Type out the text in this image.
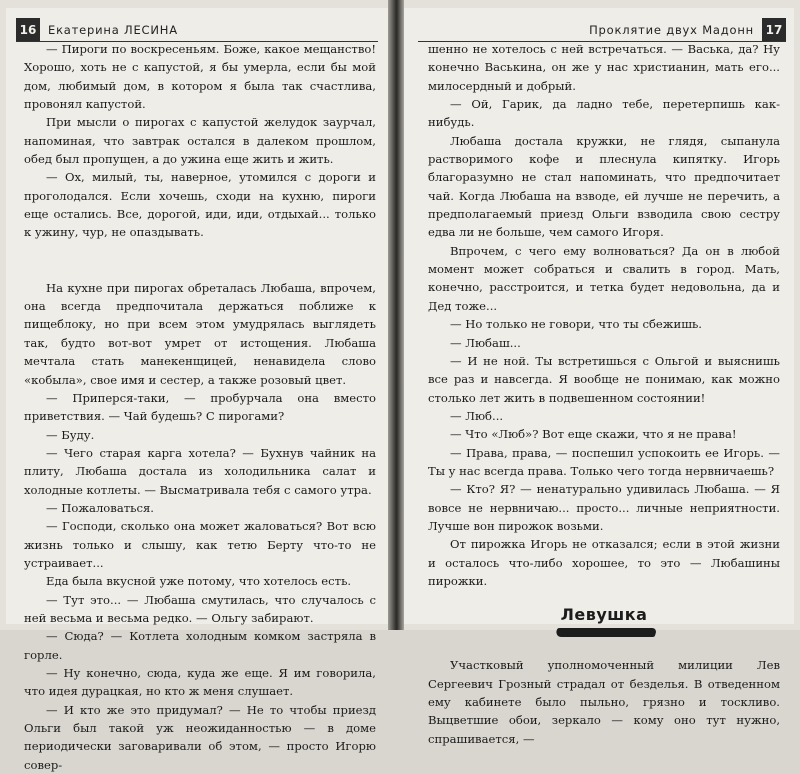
16	Екатерина ЛЕСИНА

— Пироги по воскресеньям. Боже, какое мещанство! Хорошо, хоть не с капустой, я бы умерла, если бы мой дом, любимый дом, в котором я была так счастлива, провонял капустой.

При мысли о пирогах с капустой желудок заурчал, напоминая, что завтрак остался в далеком прошлом, обед был пропущен, а до ужина еще жить и жить.

— Ох, милый, ты, наверное, утомился с дороги и проголодался. Если хочешь, сходи на кухню, пироги еще остались. Все, дорогой, иди, иди, отдыхай... только к ужину, чур, не опаздывать.

На кухне при пирогах обреталась Любаша, впрочем, она всегда предпочитала держаться поближе к пищеблоку, но при всем этом умудрялась выглядеть так, будто вот-вот умрет от истощения. Любаша мечтала стать манекенщицей, ненавидела слово «кобыла», свое имя и сестер, а также розовый цвет.

— Приперся-таки, — пробурчала она вместо приветствия. — Чай будешь? С пирогами?

— Буду.

— Чего старая карга хотела? — Бухнув чайник на плиту, Любаша достала из холодильника салат и холодные котлеты. — Высматривала тебя с самого утра.

— Пожаловаться.

— Господи, сколько она может жаловаться? Вот всю жизнь только и слышу, как тетю Берту что-то не устраивает...

Еда была вкусной уже потому, что хотелось есть.

— Тут это... — Любаша смутилась, что случалось с ней весьма и весьма редко. — Ольгу забирают.

— Сюда? — Котлета холодным комком застряла в горле.

— Ну конечно, сюда, куда же еще. Я им говорила, что идея дурацкая, но кто ж меня слушает.

— И кто же это придумал? — Не то чтобы приезд Ольги был такой уж неожиданностью — в доме периодически заговаривали об этом, — просто Игорю совер-

Проклятие двух Мадонн 17

шенно не хотелось с ней встречаться. — Васька, да? Ну конечно Васькина, он же у нас христианин, мать его... милосердный и добрый.

— Ой, Гарик, да ладно тебе, перетерпишь как-нибудь.

Любаша достала кружки, не глядя, сыпанула растворимого кофе и плеснула кипятку. Игорь благоразумно не стал напоминать, что предпочитает чай. Когда Любаша на взводе, ей лучше не перечить, а предполагаемый приезд Ольги взводила свою сестру едва ли не больше, чем самого Игоря.

Впрочем, с чего ему волноваться? Да он в любой момент может собраться и свалить в город. Мать, конечно, расстроится, и тетка будет недовольна, да и Дед тоже...

— Но только не говори, что ты сбежишь.

— Любаш...

— И не ной. Ты встретишься с Ольгой и выяснишь все раз и навсегда. Я вообще не понимаю, как можно столько лет жить в подвешенном состоянии!

— Люб...

— Что «Люб»? Вот еще скажи, что я не права!

— Права, права, — поспешил успокоить ее Игорь. — Ты у нас всегда права. Только чего тогда нервничаешь?

— Кто? Я? — ненатурально удивилась Любаша. — Я вовсе не нервничаю... просто... личные неприятности. Лучше вон пирожок возьми.

От пирожка Игорь не отказался; если в этой жизни и осталось что-либо хорошее, то это — Любашины пирожки.

Левушка

Участковый уполномоченный милиции Лев Сергеевич Грозный страдал от безделья. В отведенном ему кабинете было пыльно, грязно и тоскливо. Выцветшие обои, зеркало — кому оно тут нужно, спрашивается, —
